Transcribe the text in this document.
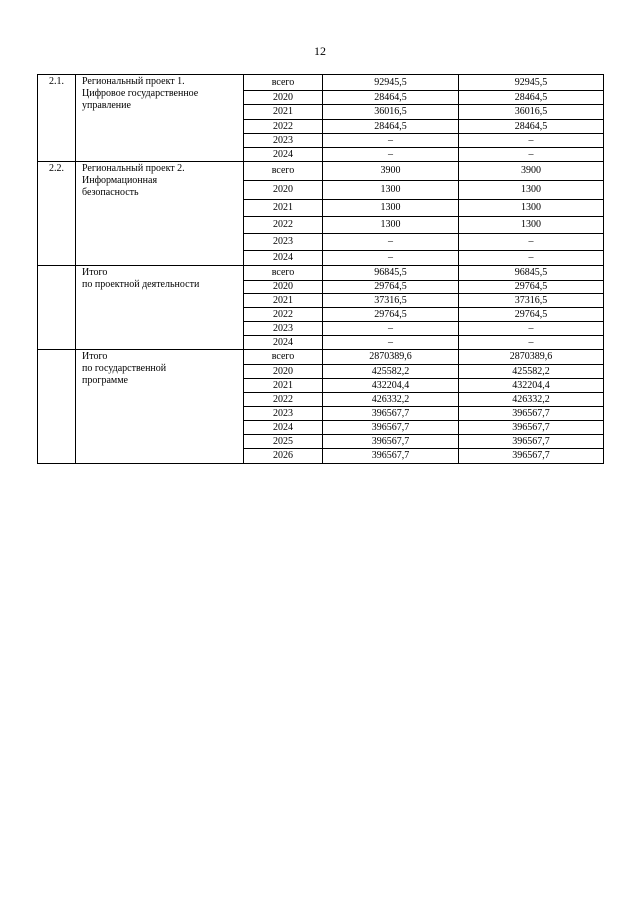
12
2.1.	Региональный проект 1.
Цифровое государственное
управление	всего	92945,5	92945,5
		2020	28464,5	28464,5
		2021	36016,5	36016,5
		2022	28464,5	28464,5
		2023	–	–
		2024	–	–
2.2.	Региональный проект 2.
Информационная
безопасность	всего	3900	3900
		2020	1300	1300
		2021	1300	1300
		2022	1300	1300
		2023	–	–
		2024	–	–

	Итого
по проектной деятельности	всего	96845,5	96845,5
		2020	29764,5	29764,5
		2021	37316,5	37316,5
		2022	29764,5	29764,5
		2023	–	–
		2024	–	–

	Итого
по государственной
программе	всего	2870389,6	2870389,6
		2020	425582,2	425582,2
		2021	432204,4	432204,4
		2022	426332,2	426332,2
		2023	396567,7	396567,7
		2024	396567,7	396567,7
		2025	396567,7	396567,7
		2026	396567,7	396567,7
